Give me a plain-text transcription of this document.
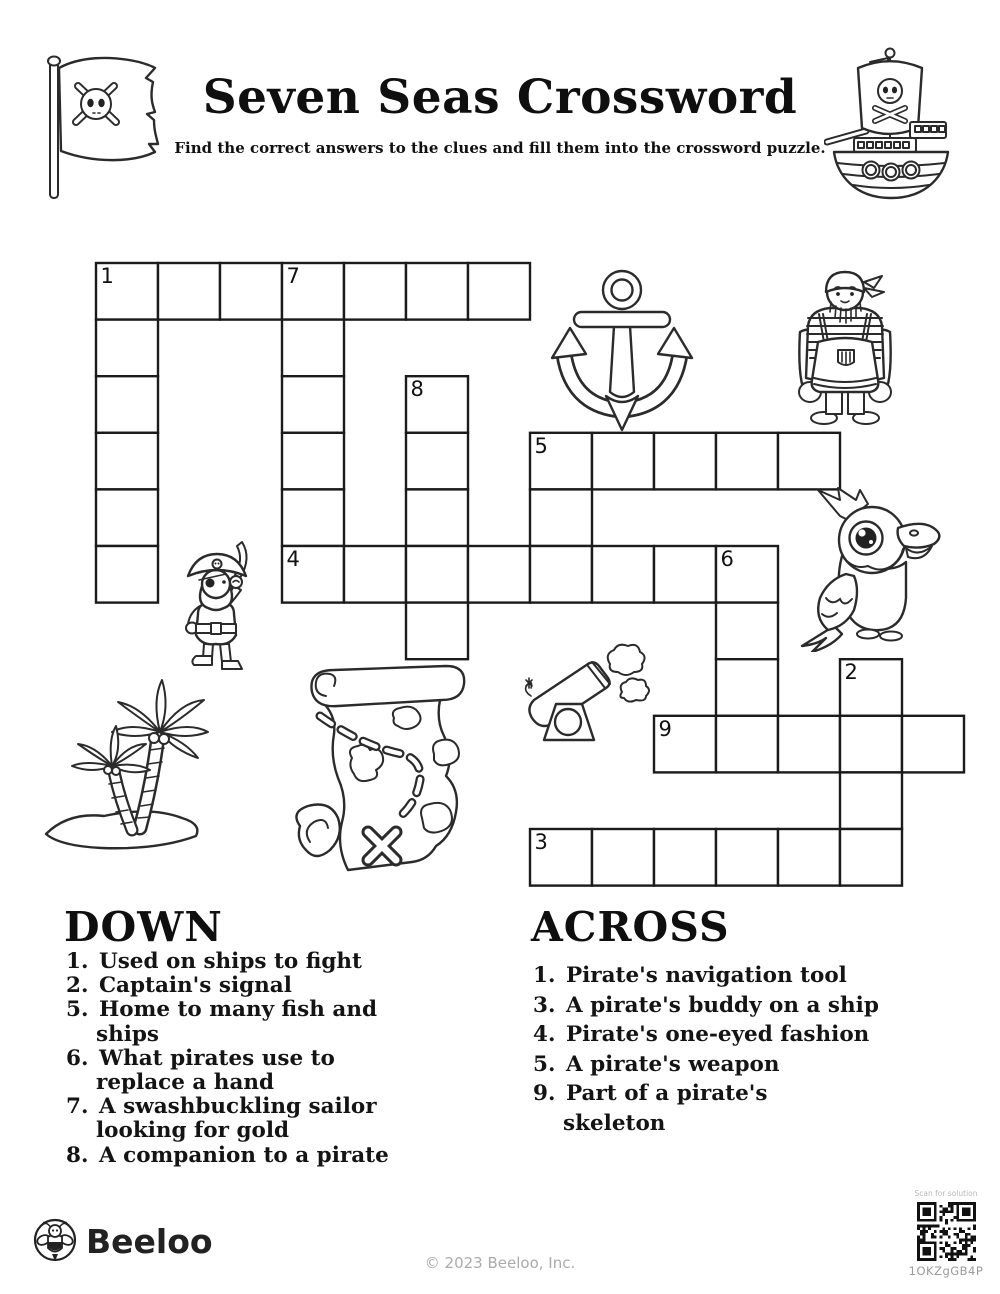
Seven Seas Crossword
Find the correct answers to the clues and fill them into the crossword puzzle.
1	7
8
5
4	6
2
9
3
DOWN
1. Used on ships to fight
2. Captain's signal
5. Home to many fish and
ships
6. What pirates use to
replace a hand
7. A swashbuckling sailor
looking for gold
8. A companion to a pirate
ACROSS
1. Pirate's navigation tool
3. A pirate's buddy on a ship
4. Pirate's one-eyed fashion
5. A pirate's weapon
9. Part of a pirate's
skeleton
Beeloo
© 2023 Beeloo, Inc.
Scan for solution
1OKZgGB4P
